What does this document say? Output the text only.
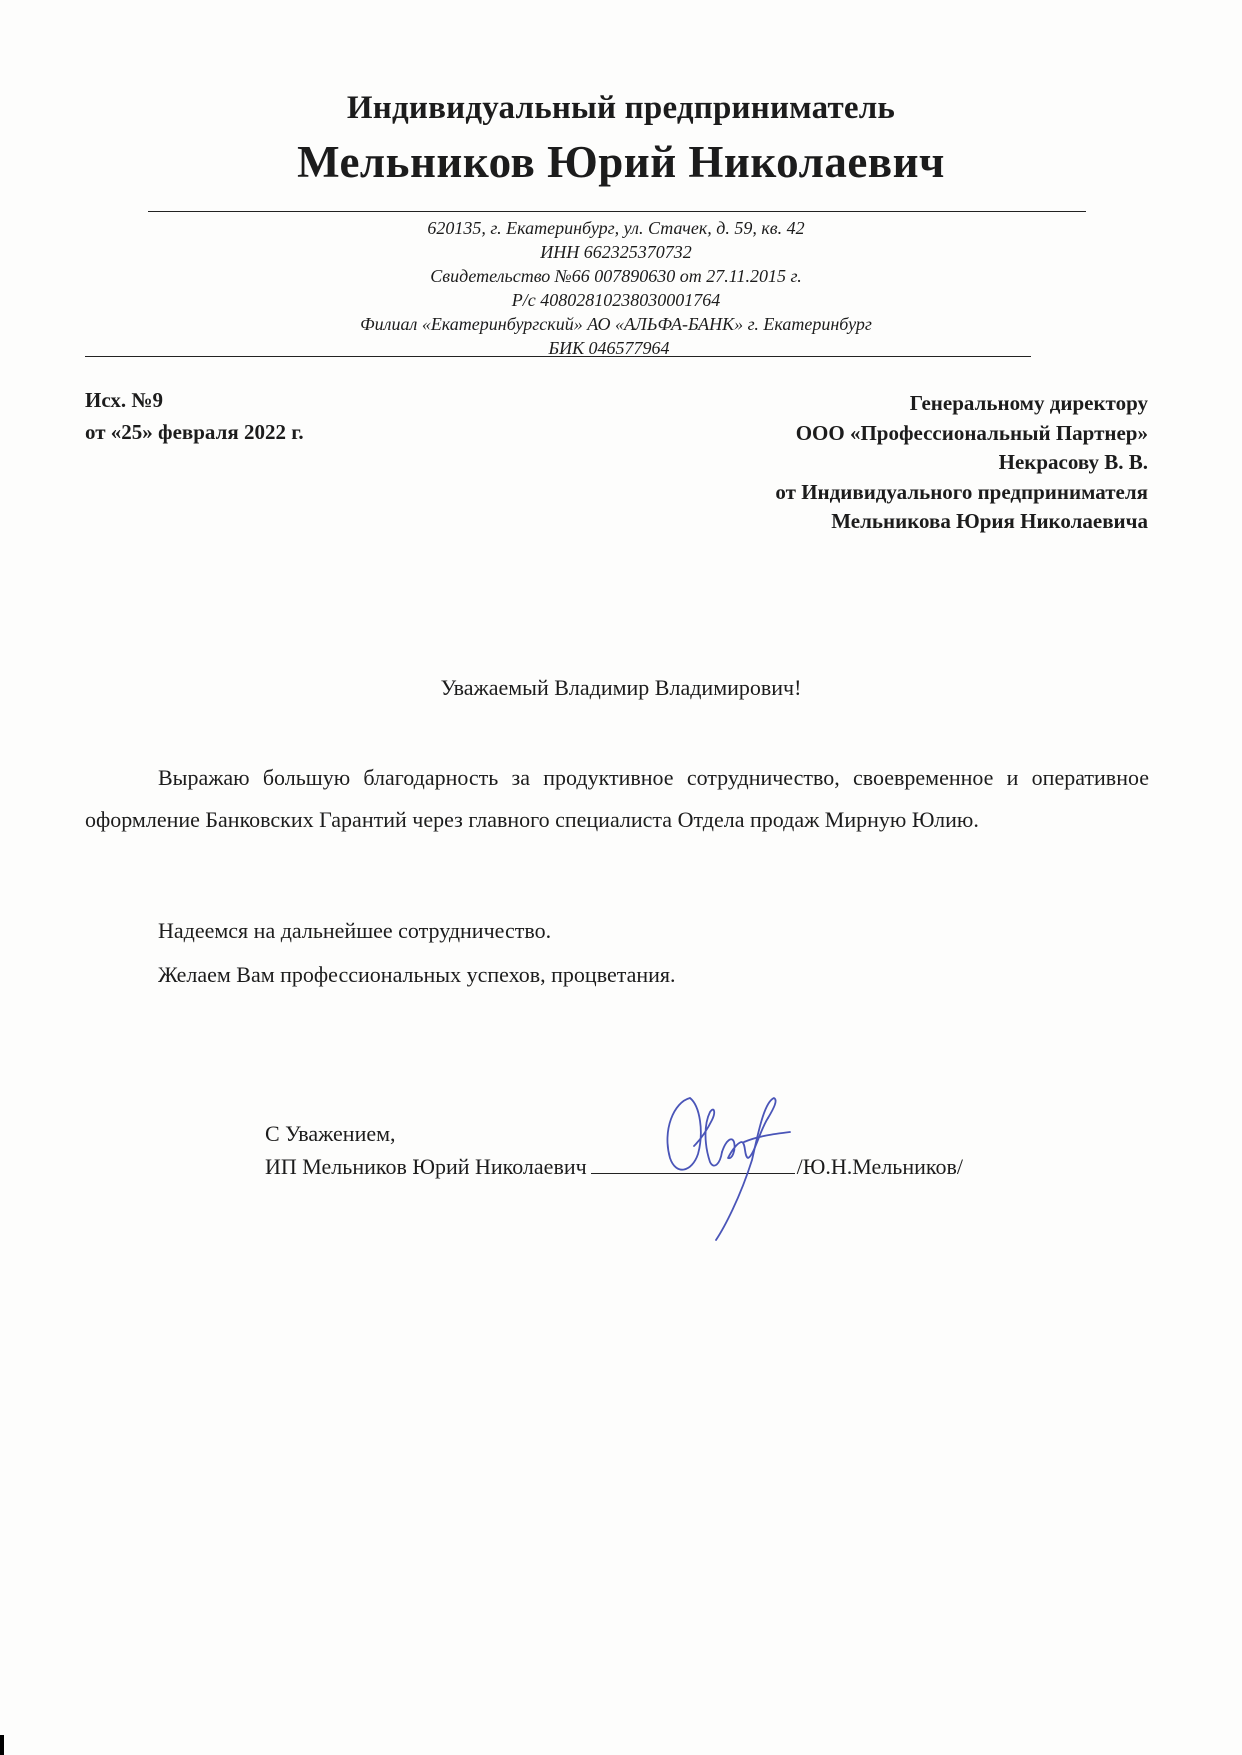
Индивидуальный предприниматель
Мельников Юрий Николаевич
620135, г. Екатеринбург, ул. Стачек, д. 59, кв. 42
ИНН 662325370732
Свидетельство №66 007890630 от 27.11.2015 г.
Р/с 40802810238030001764
Филиал «Екатеринбургский» АО «АЛЬФА-БАНК» г. Екатеринбург
БИК 046577964
Исх. №9
от «25» февраля 2022 г.
Генеральному директору
ООО «Профессиональный Партнер»
Некрасову В. В.
от Индивидуального предпринимателя
Мельникова Юрия Николаевича
Уважаемый Владимир Владимирович!
Выражаю большую благодарность за продуктивное сотрудничество, своевременное и оперативное оформление Банковских Гарантий через главного специалиста Отдела продаж Мирную Юлию.
Надеемся на дальнейшее сотрудничество.
Желаем Вам профессиональных успехов, процветания.
С Уважением,
ИП Мельников Юрий Николаевич	/Ю.Н.Мельников/
